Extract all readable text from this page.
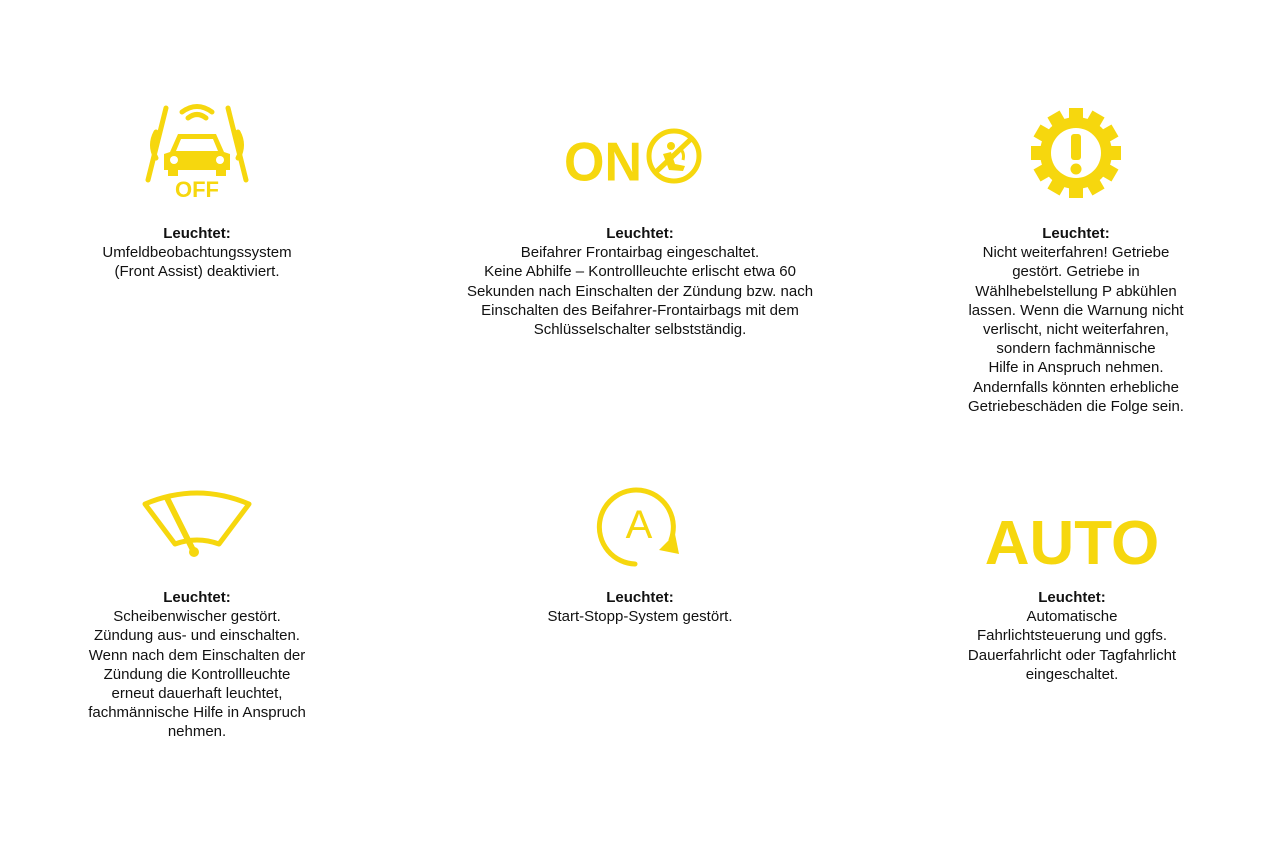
OFF
Leuchtet:
Umfeldbeobachtungssystem
(Front Assist) deaktiviert.
ON
Leuchtet:
Beifahrer Frontairbag eingeschaltet.
Keine Abhilfe – Kontrollleuchte erlischt etwa 60
Sekunden nach Einschalten der Zündung bzw. nach
Einschalten des Beifahrer-Frontairbags mit dem
Schlüsselschalter selbstständig.
Leuchtet:
Nicht weiterfahren! Getriebe
gestört. Getriebe in
Wählhebelstellung P abkühlen
lassen. Wenn die Warnung nicht
verlischt, nicht weiterfahren,
sondern fachmännische
Hilfe in Anspruch nehmen.
Andernfalls könnten erhebliche
Getriebeschäden die Folge sein.
Leuchtet:
Scheibenwischer gestört.
Zündung aus- und einschalten.
Wenn nach dem Einschalten der
Zündung die Kontrollleuchte
erneut dauerhaft leuchtet,
fachmännische Hilfe in Anspruch
nehmen.
A
Leuchtet:
Start-Stopp-System gestört.
AUTO
Leuchtet:
Automatische
Fahrlichtsteuerung und ggfs.
Dauerfahrlicht oder Tagfahrlicht
eingeschaltet.
